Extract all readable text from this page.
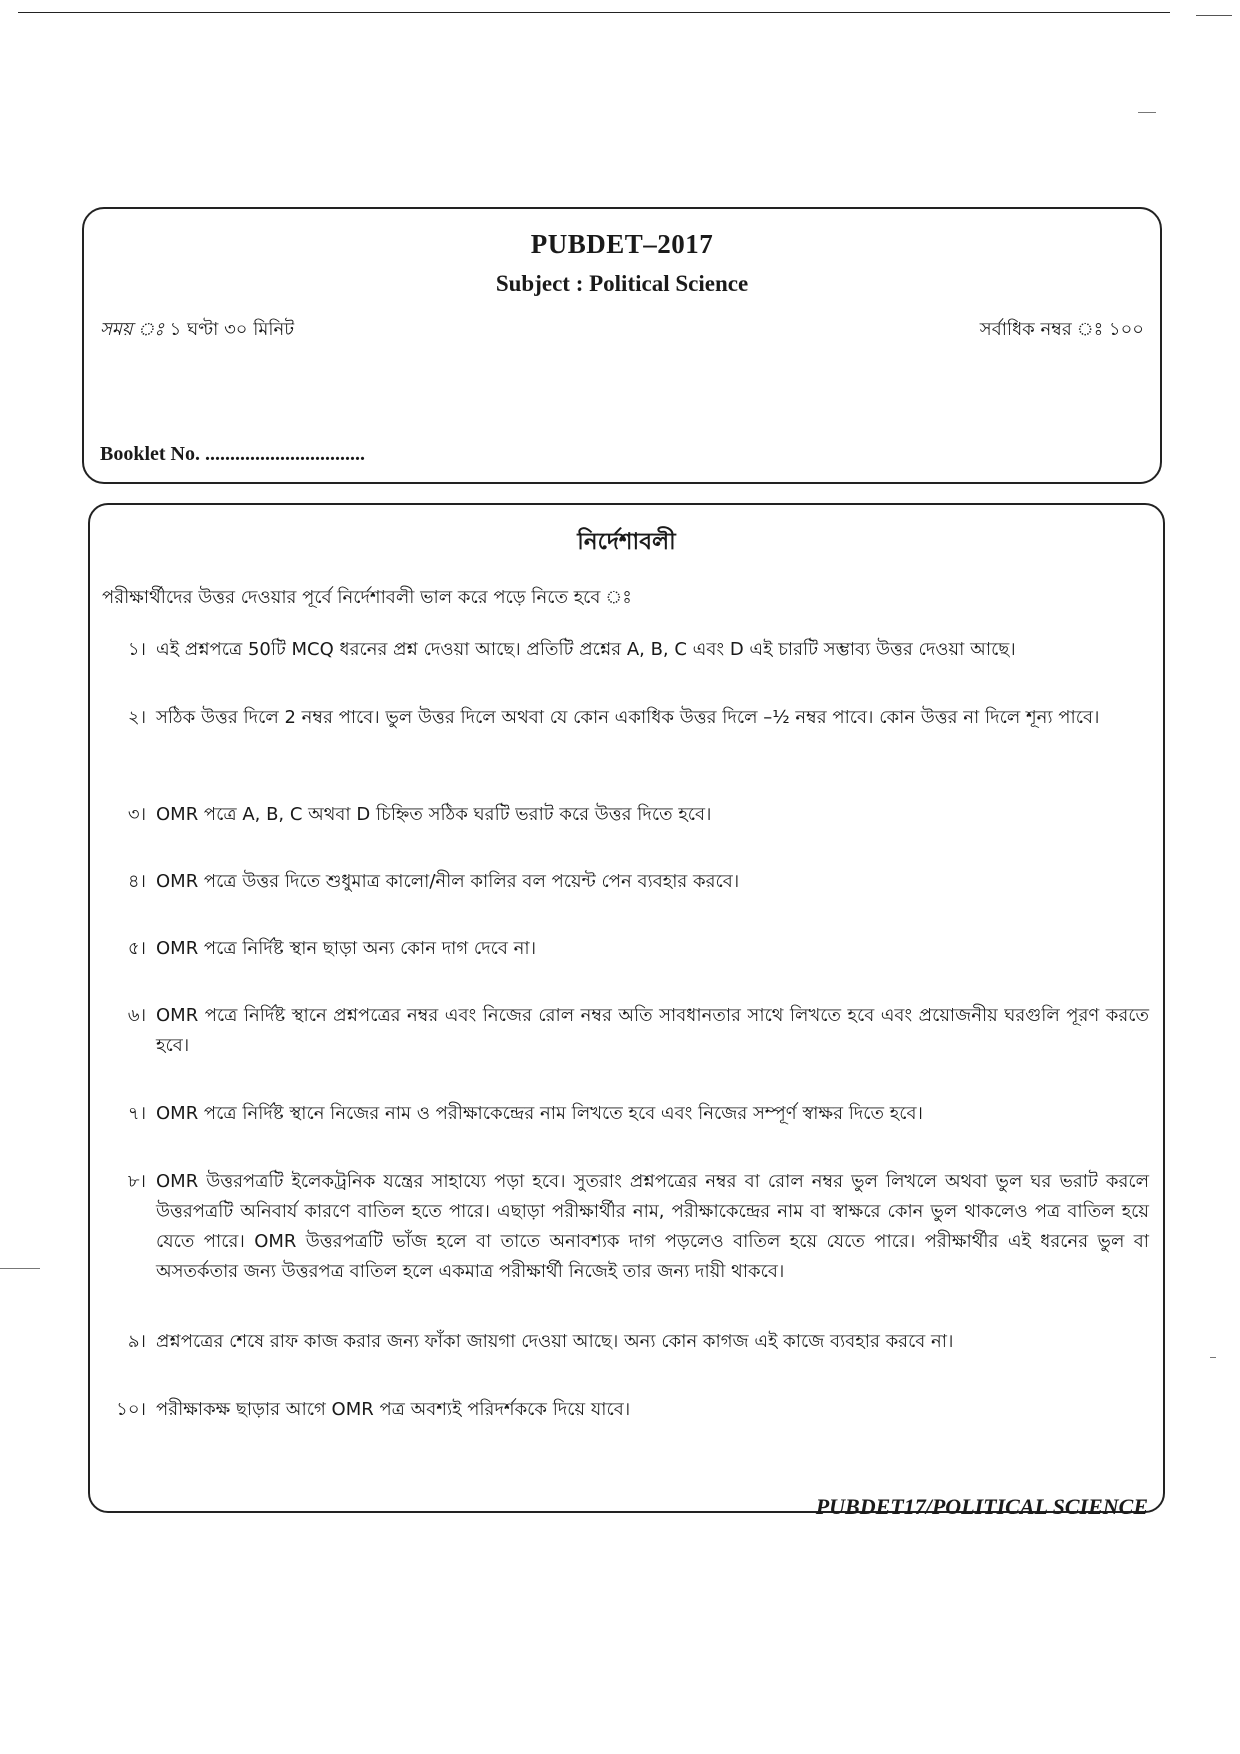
PUBDET–2017
Subject : Political Science
সময় ঃ ১ ঘণ্টা ৩০ মিনিট	সর্বাধিক নম্বর ঃ ১০০
Booklet No. ................................
নির্দেশাবলী
পরীক্ষার্থীদের উত্তর দেওয়ার পূর্বে নির্দেশাবলী ভাল করে পড়ে নিতে হবে ঃ
১। এই প্রশ্নপত্রে 50টি MCQ ধরনের প্রশ্ন দেওয়া আছে। প্রতিটি প্রশ্নের A, B, C এবং D এই চারটি সম্ভাব্য উত্তর দেওয়া আছে।
২। সঠিক উত্তর দিলে 2 নম্বর পাবে। ভুল উত্তর দিলে অথবা যে কোন একাধিক উত্তর দিলে –½ নম্বর পাবে। কোন উত্তর না দিলে শূন্য পাবে।
৩। OMR পত্রে A, B, C অথবা D চিহ্নিত সঠিক ঘরটি ভরাট করে উত্তর দিতে হবে।
৪। OMR পত্রে উত্তর দিতে শুধুমাত্র কালো/নীল কালির বল পয়েন্ট পেন ব্যবহার করবে।
৫। OMR পত্রে নির্দিষ্ট স্থান ছাড়া অন্য কোন দাগ দেবে না।
৬। OMR পত্রে নির্দিষ্ট স্থানে প্রশ্নপত্রের নম্বর এবং নিজের রোল নম্বর অতি সাবধানতার সাথে লিখতে হবে এবং প্রয়োজনীয় ঘরগুলি পূরণ করতে হবে।
৭। OMR পত্রে নির্দিষ্ট স্থানে নিজের নাম ও পরীক্ষাকেন্দ্রের নাম লিখতে হবে এবং নিজের সম্পূর্ণ স্বাক্ষর দিতে হবে।
৮। OMR উত্তরপত্রটি ইলেকট্রনিক যন্ত্রের সাহায্যে পড়া হবে। সুতরাং প্রশ্নপত্রের নম্বর বা রোল নম্বর ভুল লিখলে অথবা ভুল ঘর ভরাট করলে উত্তরপত্রটি অনিবার্য কারণে বাতিল হতে পারে। এছাড়া পরীক্ষার্থীর নাম, পরীক্ষাকেন্দ্রের নাম বা স্বাক্ষরে কোন ভুল থাকলেও পত্র বাতিল হয়ে যেতে পারে। OMR উত্তরপত্রটি ভাঁজ হলে বা তাতে অনাবশ্যক দাগ পড়লেও বাতিল হয়ে যেতে পারে। পরীক্ষার্থীর এই ধরনের ভুল বা অসতর্কতার জন্য উত্তরপত্র বাতিল হলে একমাত্র পরীক্ষার্থী নিজেই তার জন্য দায়ী থাকবে।
৯। প্রশ্নপত্রের শেষে রাফ কাজ করার জন্য ফাঁকা জায়গা দেওয়া আছে। অন্য কোন কাগজ এই কাজে ব্যবহার করবে না।
১০। পরীক্ষাকক্ষ ছাড়ার আগে OMR পত্র অবশ্যই পরিদর্শককে দিয়ে যাবে।
PUBDET17/POLITICAL SCIENCE
